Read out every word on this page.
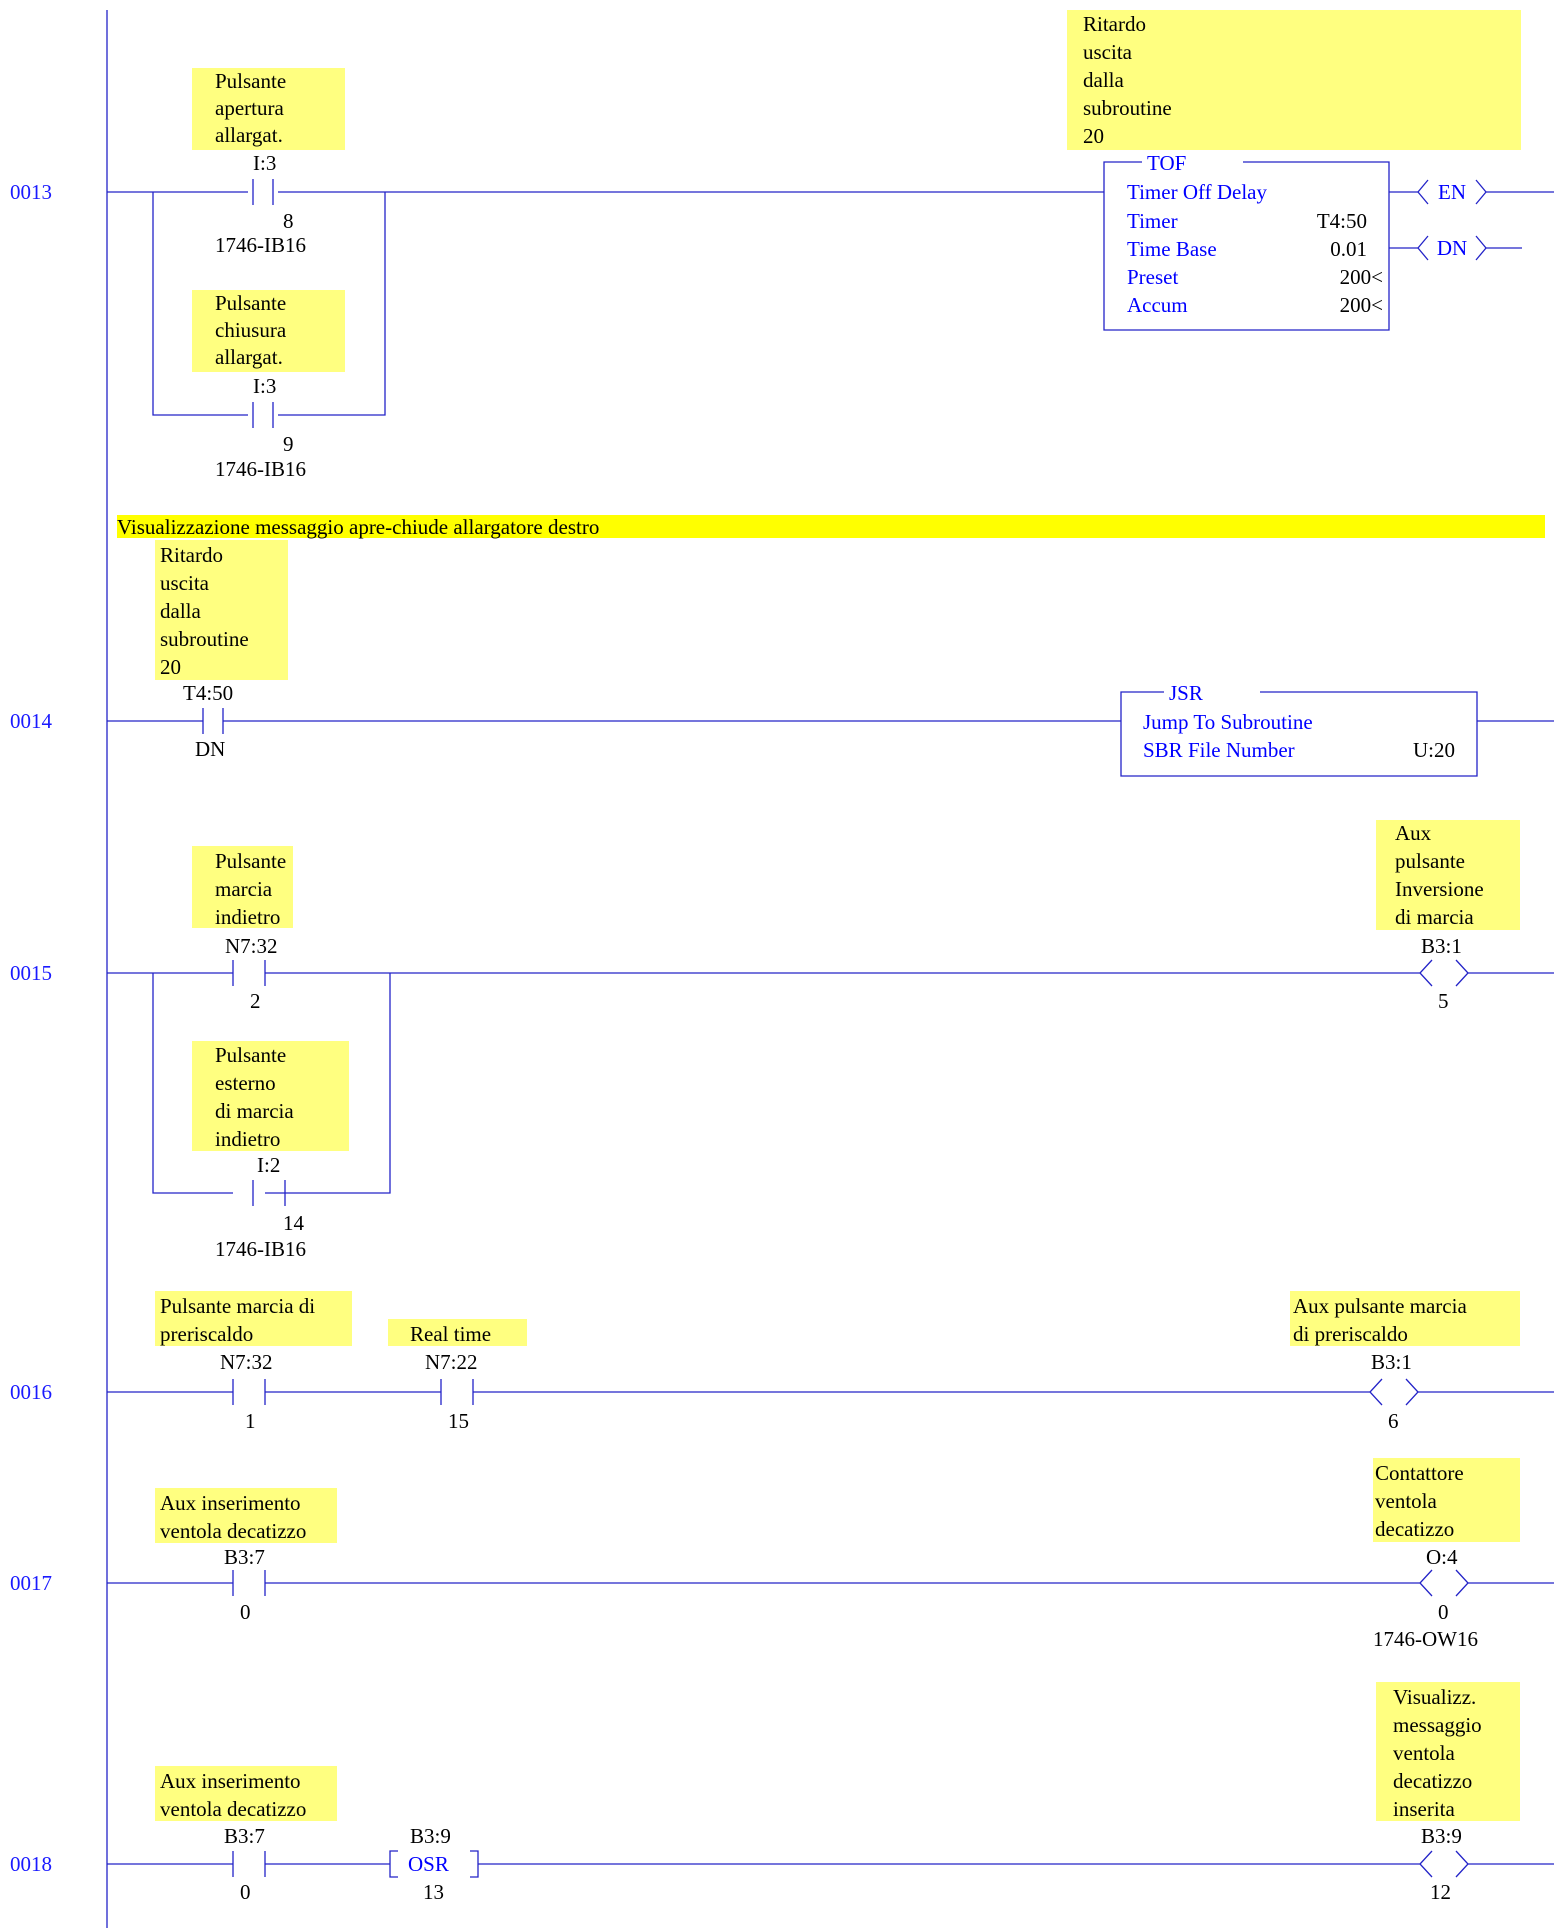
0013
Pulsante
apertura
allargat.
I:3
8
1746-IB16
Pulsante
chiusura
allargat.
I:3
9
1746-IB16
Ritardo
uscita
dalla
subroutine
20
TOF
Timer Off Delay
Timer	T4:50
Time Base	0.01
Preset	200<
Accum	200<
EN
DN
Visualizzazione messaggio apre-chiude allargatore destro
0014
Ritardo
uscita
dalla
subroutine
20
T4:50
DN
JSR
Jump To Subroutine
SBR File Number	U:20
0015
Pulsante
marcia
indietro
N7:32
2
Pulsante
esterno
di marcia
indietro
I:2
14
1746-IB16
Aux
pulsante
Inversione
di marcia
B3:1
5
0016
Pulsante marcia di
preriscaldo
N7:32
1
Real time
N7:22
15
Aux pulsante marcia
di preriscaldo
B3:1
6
0017
Aux inserimento
ventola decatizzo
B3:7
0
Contattore
ventola
decatizzo
O:4
0
1746-OW16
0018
Aux inserimento
ventola decatizzo
B3:7
0
B3:9
OSR
13
Visualizz.
messaggio
ventola
decatizzo
inserita
B3:9
12
